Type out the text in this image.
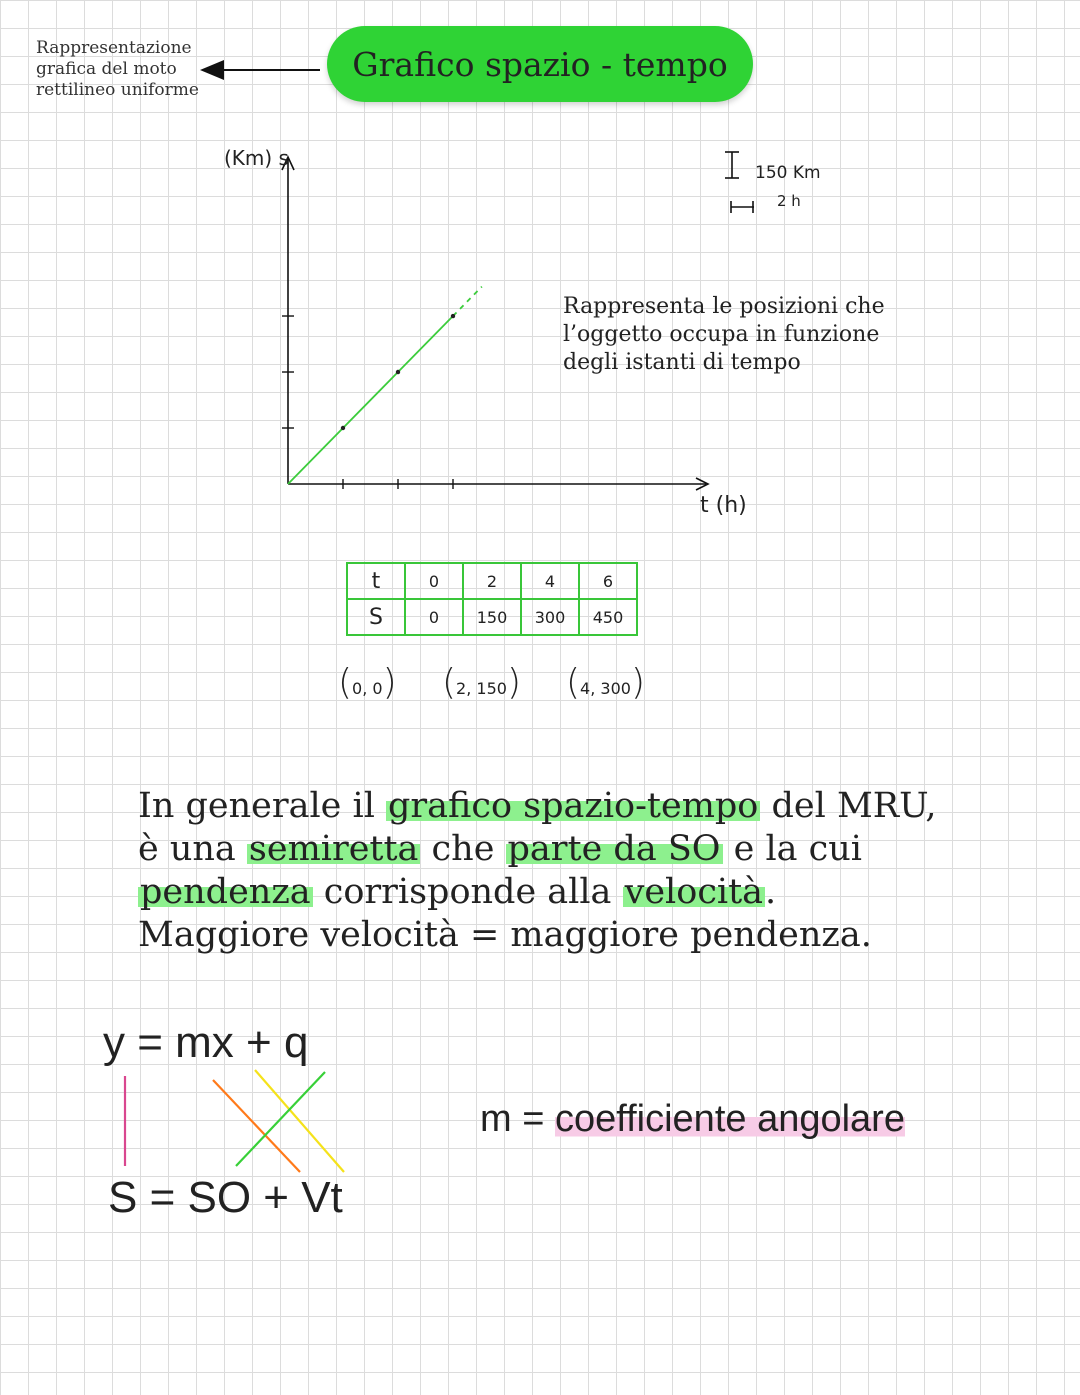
Rappresentazione
grafica del moto
rettilineo uniforme
Grafico spazio - tempo
(Km) s
t (h)
150 Km
2 h
Rappresenta le posizioni che
l’oggetto occupa in funzione
degli istanti di tempo
t	0	2	4	6
S	0	150	300	450
(0, 0) (2, 150) (4, 300)
In generale il grafico spazio-tempo del MRU,
è una semiretta che parte da SO e la cui
pendenza corrisponde alla velocità.
Maggiore velocità = maggiore pendenza.
y = mx + q
S = SO + Vt
m = coefficiente angolare
